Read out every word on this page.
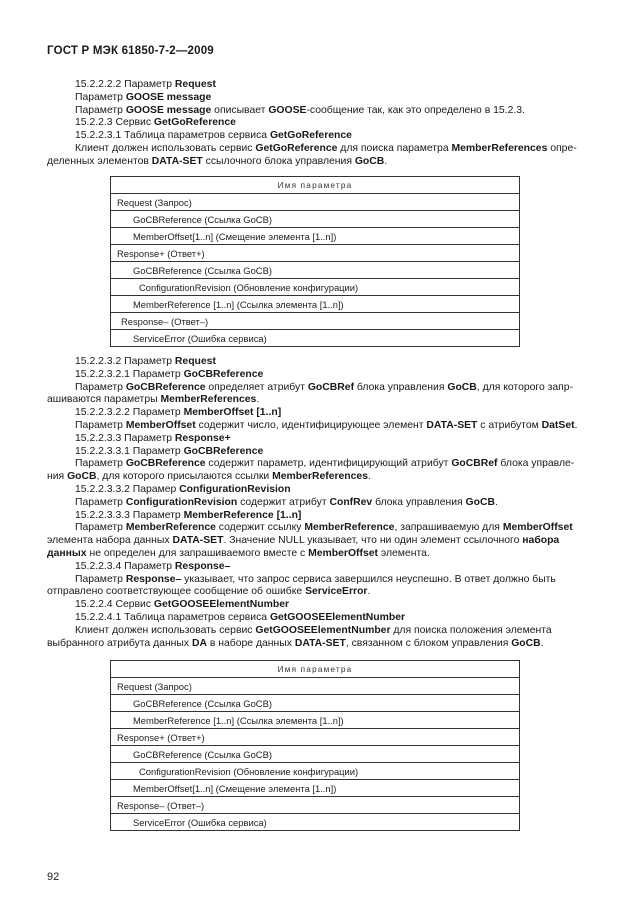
ГОСТ Р МЭК 61850-7-2—2009

15.2.2.2.2 Параметр Request

Параметр GOOSE message

Параметр GOOSE message описывает GOOSE-сообщение так, как это определено в 15.2.3.

15.2.2.3 Сервис GetGoReference

15.2.2.3.1 Таблица параметров сервиса GetGoReference

Клиент должен использовать сервис GetGoReference для поиска параметра MemberReferences опре-

деленных элементов DATA-SET ссылочного блока управления GoCB.

Имя параметра
Request (Запрос)
GoCBReference (Ссылка GoCB)
MemberOffset[1..n] (Смещение элемента [1..n])
Response+ (Ответ+)
GoCBReference (Ссылка GoCB)
ConfigurationRevision (Обновление конфигурации)
MemberReference [1..n] (Ссылка элемента [1..n])
Response– (Ответ–)
ServiceError (Ошибка сервиса)

15.2.2.3.2 Параметр Request

15.2.2.3.2.1 Параметр GoCBReference

Параметр GoCBReference определяет атрибут GoCBRef блока управления GoCB, для которого запр-

ашиваются параметры MemberReferences.

15.2.2.3.2.2 Параметр MemberOffset [1..n]

Параметр MemberOffset содержит число, идентифицирующее элемент DATA-SET с атрибутом DatSet.

15.2.2.3.3 Параметр Response+

15.2.2.3.3.1 Параметр GoCBReference

Параметр GoCBReference содержит параметр, идентифицирующий атрибут GoCBRef блока управле-

ния GoCB, для которого присылаются ссылки MemberReferences.

15.2.2.3.3.2 Парамер ConfigurationRevision

Параметр ConfigurationRevision содержит атрибут ConfRev блока управления GoCB.

15.2.2.3.3.3 Параметр MemberReference [1..n]

Параметр MemberReference содержит ссылку MemberReference, запрашиваемую для MemberOffset

элемента набора данных DATA-SET. Значение NULL указывает, что ни один элемент ссылочного набора

данных не определен для запрашиваемого вместе с MemberOffset элемента.

15.2.2.3.4 Параметр Response–

Параметр Response– указывает, что запрос сервиса завершился неуспешно. В ответ должно быть

отправлено соответствующее сообщение об ошибке ServiceError.

15.2.2.4 Сервис GetGOOSEElementNumber

15.2.2.4.1 Таблица параметров сервиса GetGOOSEElementNumber

Клиент должен использовать сервис GetGOOSEElementNumber для поиска положения элемента

выбранного атрибута данных DA в наборе данных DATA-SET, связанном с блоком управления GoCB.

Имя параметра
Request (Запрос)
GoCBReference (Ссылка GoCB)
MemberReference [1..n] (Ссылка элемента [1..n])
Response+ (Ответ+)
GoCBReference (Ссылка GoCB)
ConfigurationRevision (Обновление конфигурации)
MemberOffset[1..n] (Смещение элемента [1..n])
Response– (Ответ–)
ServiceError (Ошибка сервиса)
92
